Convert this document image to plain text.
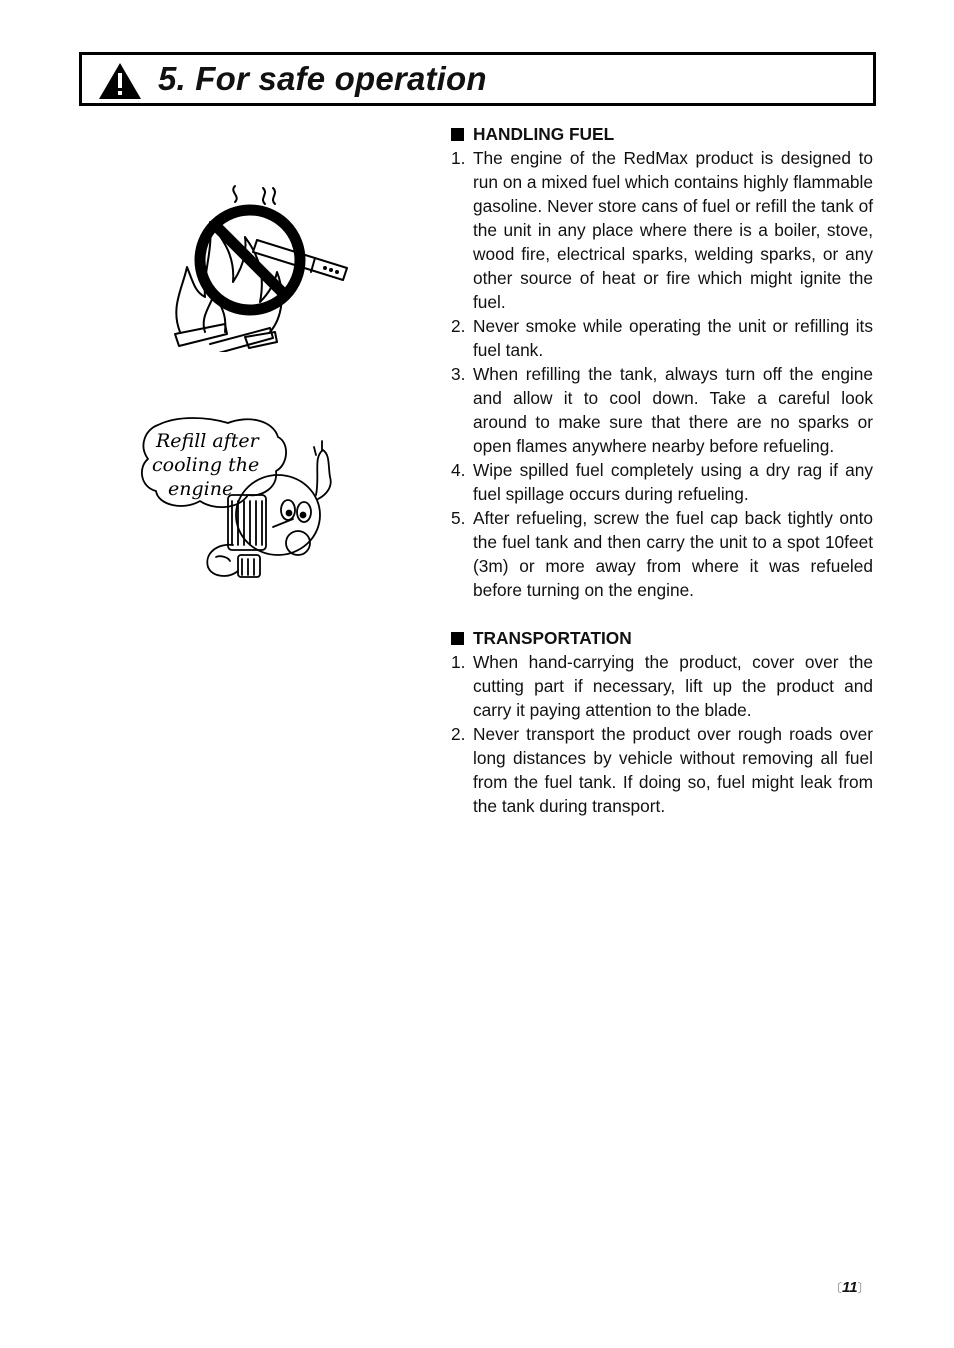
5. For safe operation
Refill after
cooling the
engine
HANDLING FUEL
1. The engine of the RedMax product is designed to run on a mixed fuel which contains highly flammable gasoline. Never store cans of fuel or refill the tank of the unit in any place where there is a boiler, stove, wood fire, electrical sparks, welding sparks, or any other source of heat or fire which might ignite the fuel.
2. Never smoke while operating the unit or refilling its fuel tank.
3. When refilling the tank, always turn off the engine and allow it to cool down. Take a careful look around to make sure that there are no sparks or open flames anywhere nearby before refueling.
4. Wipe spilled fuel completely using a dry rag if any fuel spillage occurs during refueling.
5. After refueling, screw the fuel cap back tightly onto the fuel tank and then carry the unit to a spot 10feet (3m) or more away from where it was refueled before turning on the engine.
TRANSPORTATION
1. When hand-carrying the product, cover over the cutting part if necessary, lift up the product and carry it paying attention to the blade.
2. Never transport the product over rough roads over long distances by vehicle without removing all fuel from the fuel tank. If doing so, fuel might leak from the tank during transport.
〔11〕
